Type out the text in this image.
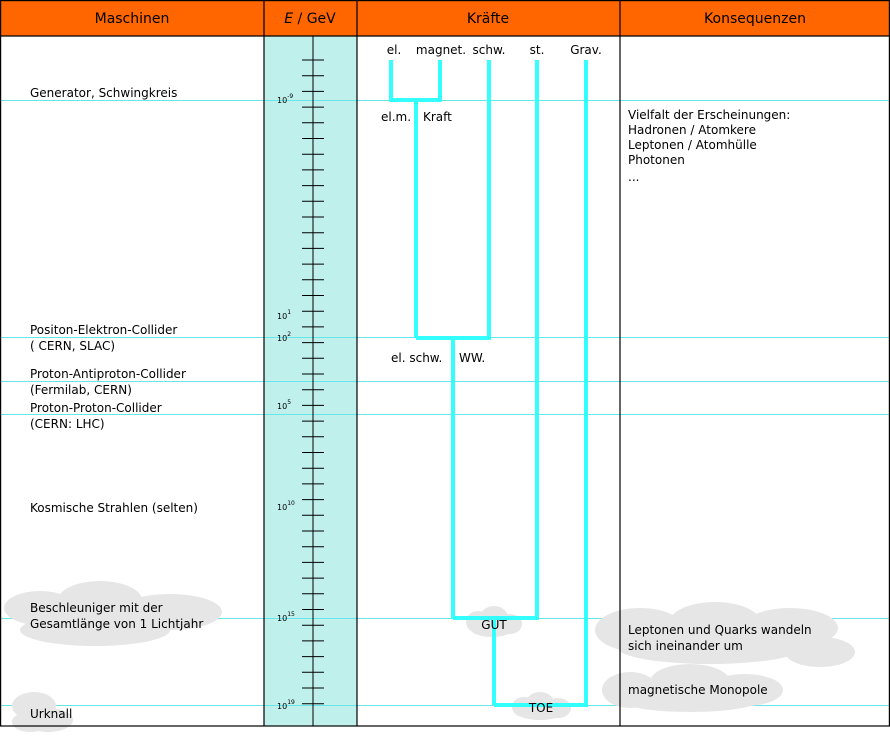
Maschinen	E / GeV	Kräfte	Konsequenzen
Generator, Schwingkreis
Positon-Elektron-Collider ( CERN, SLAC)
Proton-Antiproton-Collider (Fermilab, CERN)
Proton-Proton-Collider (CERN: LHC)
Kosmische Strahlen (selten)
Beschleuniger mit der Gesamtlänge von 1 Lichtjahr
Urknall
$10^{-9}$
$10^1$
$10^2$
$10^5$
$10^{10}$
$10^{15}$
$10^{19}$
el. magnet. schw. st. Grav.
el.m. Kraft
el. schw. WW.
GUT
TOE
Vielfalt der Erscheinungen: Hadronen / Atomkere Leptonen / Atomhülle Photonen ...
Leptonen und Quarks wandeln sich ineinander um
magnetische Monopole
